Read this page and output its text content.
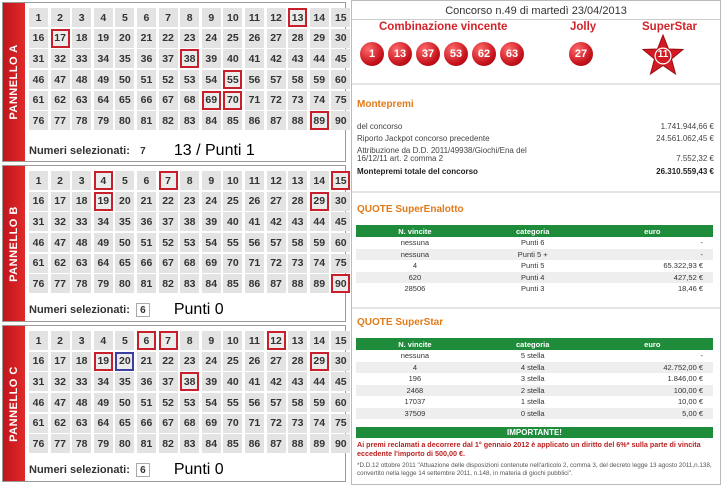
PANNELLO A
1	2	3	4	5	6	7	8	9	10 11 12 13 14 15
16 17 18 19 20 21 22 23 24 25 26 27 28 29 30
31 32 33 34 35 36 37 38 39 40 41 42 43 44 45
46 47 48 49 50 51 52 53 54 55 56 57 58 59 60
61 62 63 64 65 66 67 68 69 70 71 72 73 74 75
76 77 78 79 80 81 82 83 84 85 86 87 88 89 90
Numeri selezionati:	7 13 / Punti 1
PANNELLO B
1	2	3	4	5	6	7	8	9	10 11 12 13 14 15
16 17 18 19 20 21 22 23 24 25 26 27 28 29 30
31 32 33 34 35 36 37 38 39 40 41 42 43 44 45
46 47 48 49 50 51 52 53 54 55 56 57 58 59 60
61 62 63 64 65 66 67 68 69 70 71 72 73 74 75
76 77 78 79 80 81 82 83 84 85 86 87 88 89 90
Numeri selezionati:	6 Punti 0
PANNELLO C
1	2	3	4	5	6	7	8	9	10 11 12 13 14 15
16 17 18 19 20 21 22 23 24 25 26 27 28 29 30
31 32 33 34 35 36 37 38 39 40 41 42 43 44 45
46 47 48 49 50 51 52 53 54 55 56 57 58 59 60
61 62 63 64 65 66 67 68 69 70 71 72 73 74 75
76 77 78 79 80 81 82 83 84 85 86 87 88 89 90
Numeri selezionati:	6 Punti 0
Concorso n.49 di martedì 23/04/2013
Combinazione vincente	Jolly	SuperStar
1	13	37	53	62	63	27	11
Montepremi
del concorso	1.741.944,66 €
Riporto Jackpot concorso precedente	24.561.062,45 €
Attribuzione da D.D. 2011/49938/Giochi/Ena del
16/12/11 art. 2 comma 2	7.552,32 €
Montepremi totale del concorso	26.310.559,43 €
QUOTE SuperEnalotto
N. vincite	categoria	euro
nessuna	Punti 6	-
nessuna	Punti 5 +	-
4	Punti 5	65.322,93 €
620	Punti 4	427,52 €
28506	Punti 3	18,46 €
QUOTE SuperStar
N. vincite	categoria	euro
nessuna	5 stella	-
4	4 stella	42.752,00 €
196	3 stella	1.846,00 €
2468	2 stella	100,00 €
17037	1 stella	10,00 €
37509	0 stella	5,00 €
IMPORTANTE!
Ai premi reclamati a decorrere dal 1° gennaio 2012 è applicato un diritto del 6%* sulla parte di vincita eccedente l'importo di 500,00 €.
*D.D.12 ottobre 2011 "Attuazione delle disposizioni contenute nell'articolo 2, comma 3, del decreto legge 13 agosto 2011,n.138, convertito nella legge 14 settembre 2011, n.148, in materia di giochi pubblici".
